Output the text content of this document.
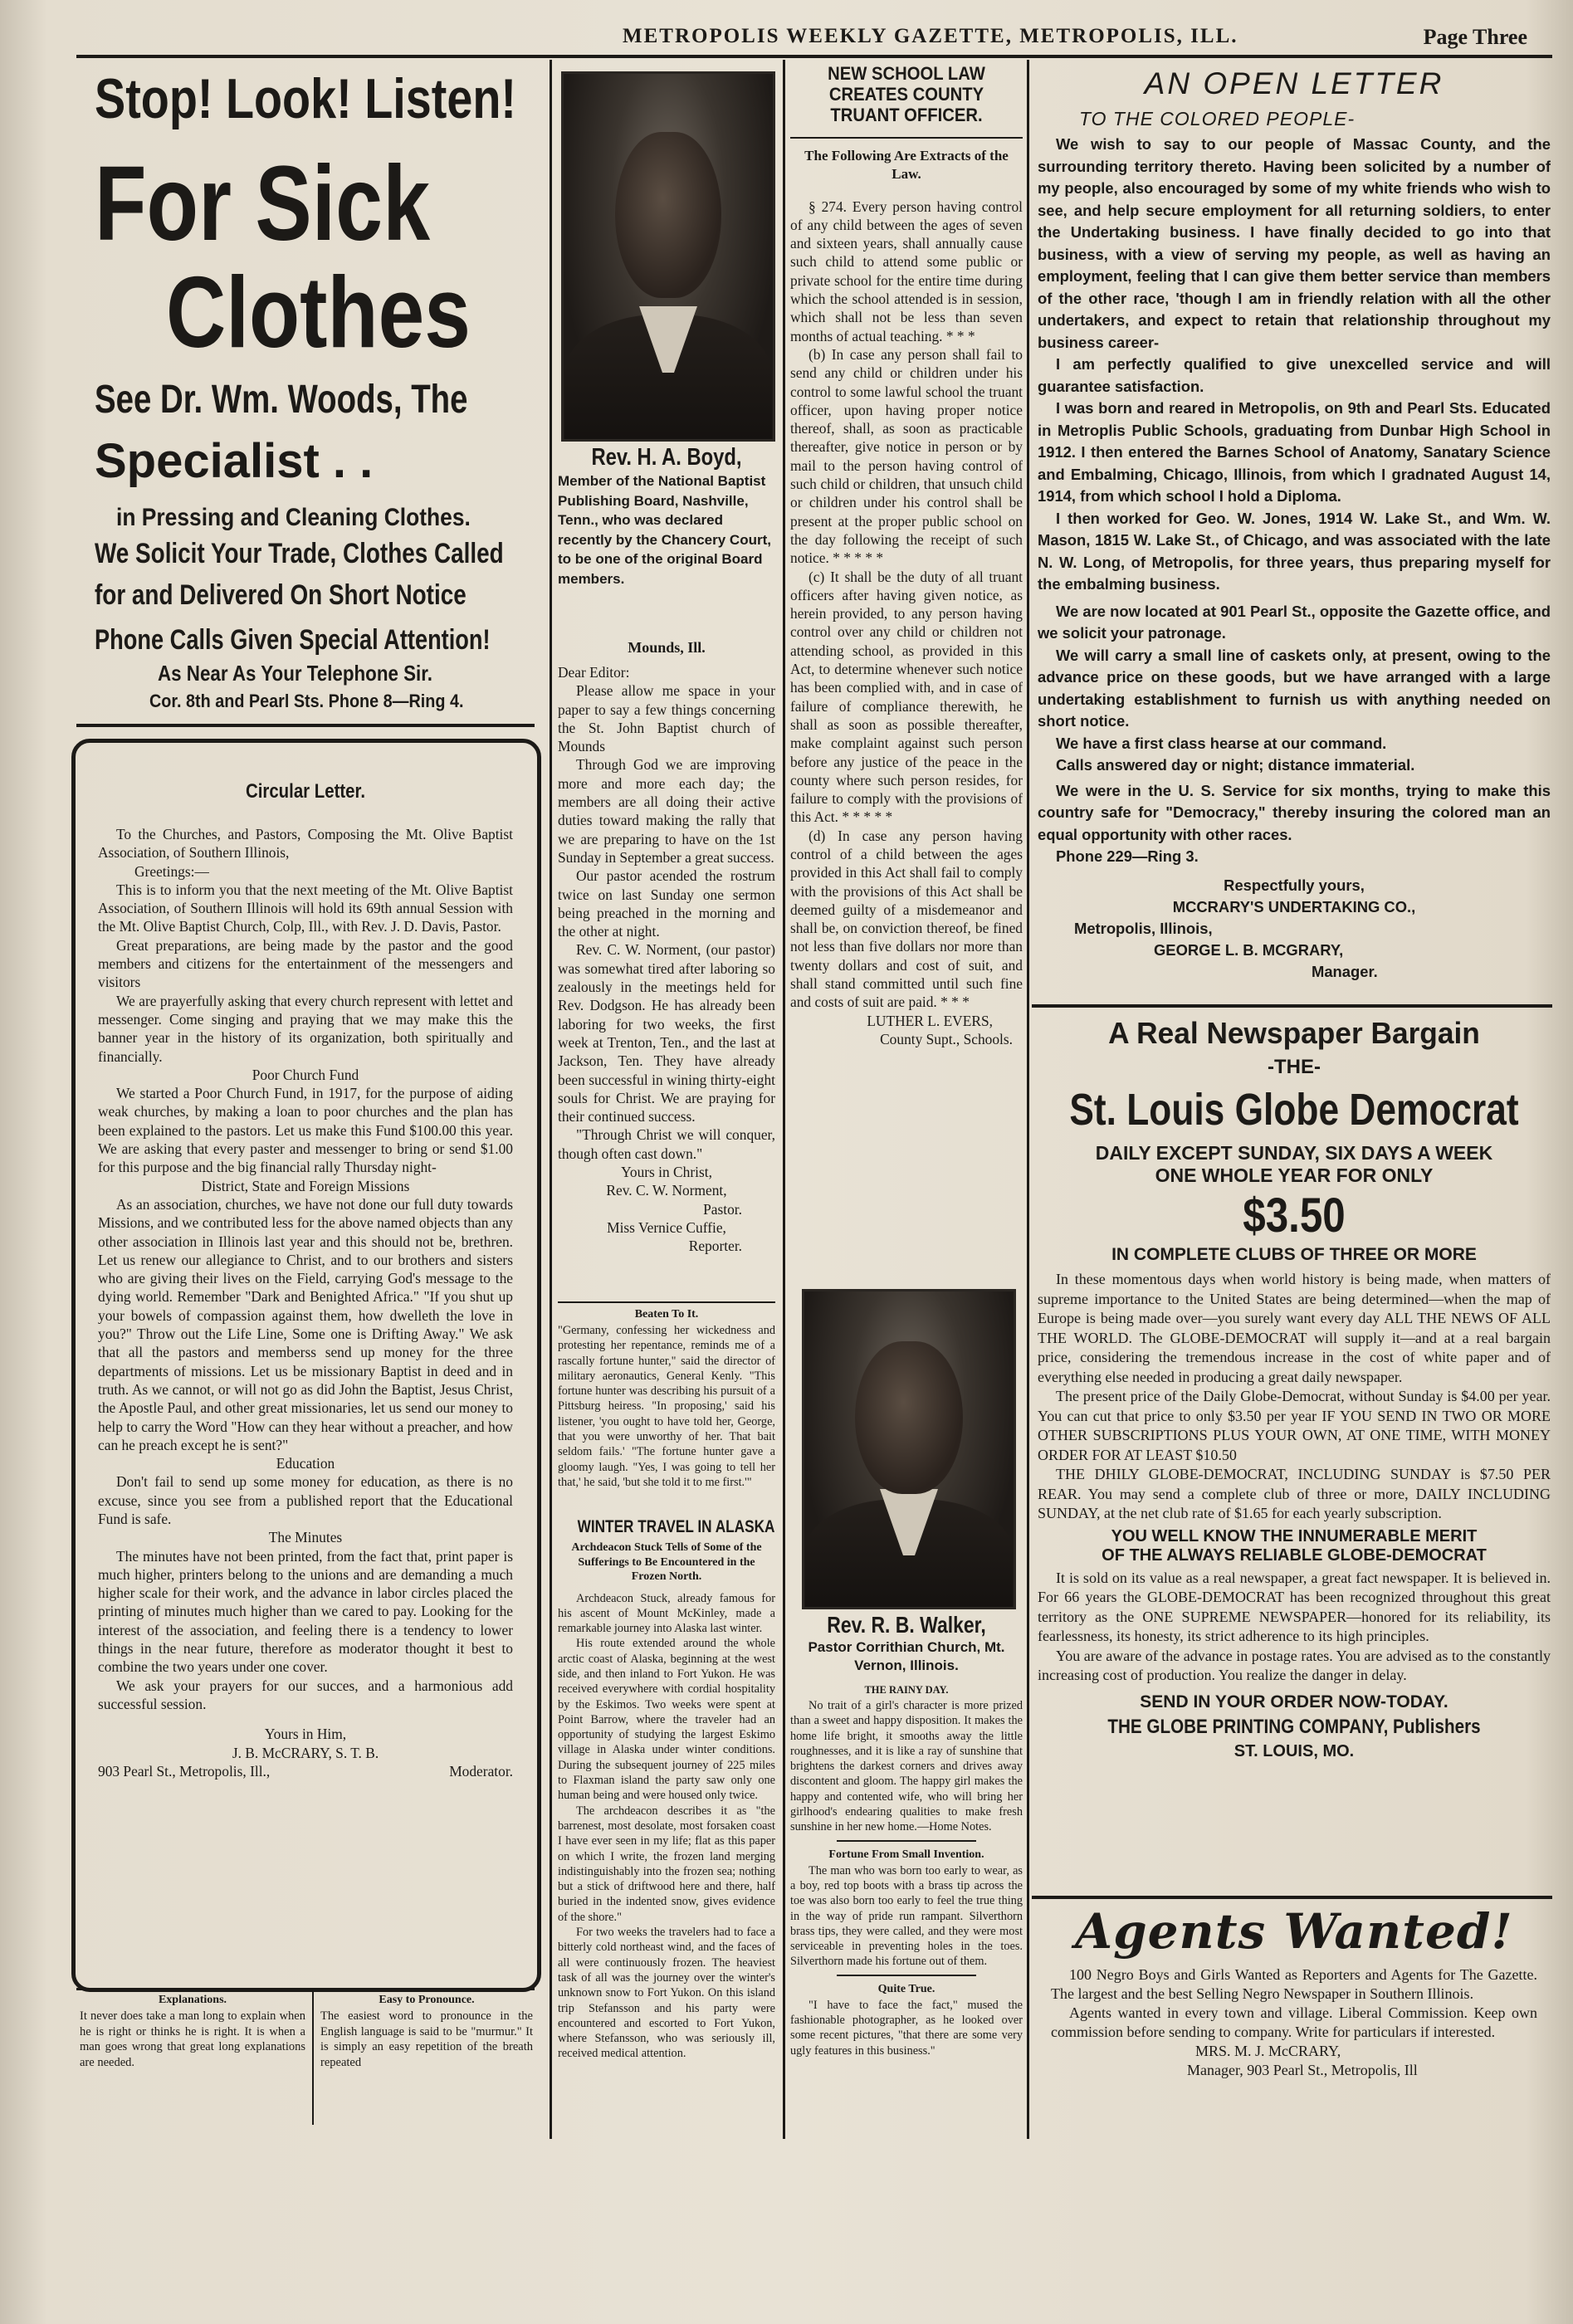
METROPOLIS WEEKLY GAZETTE, METROPOLIS, ILL.	Page Three
Stop! Look! Listen!
For Sick
Clothes
See Dr. Wm. Woods, The
Specialist . .
in Pressing and Cleaning Clothes.
We Solicit Your Trade, Clothes Called
for and Delivered On Short Notice
Phone Calls Given Special Attention!
As Near As Your Telephone Sir.
Cor. 8th and Pearl Sts. Phone 8—Ring 4.
Circular Letter.

To the Churches, and Pastors, Composing the Mt. Olive Baptist Association, of Southern Illinois,

Greetings:—

This is to inform you that the next meeting of the Mt. Olive Baptist Association, of Southern Illinois will hold its 69th annual Session with the Mt. Olive Baptist Church, Colp, Ill., with Rev. J. D. Davis, Pastor.

Great preparations, are being made by the pastor and the good members and citizens for the entertainment of the messengers and visitors

We are prayerfully asking that every church represent with lettet and messenger. Come singing and praying that we may make this the banner year in the history of its organization, both spiritually and financially.

Poor Church Fund

We started a Poor Church Fund, in 1917, for the purpose of aiding weak churches, by making a loan to poor churches and the plan has been explained to the pastors. Let us make this Fund $100.00 this year. We are asking that every paster and messenger to bring or send $1.00 for this purpose and the big financial rally Thursday night-

District, State and Foreign Missions

As an association, churches, we have not done our full duty towards Missions, and we contributed less for the above named objects than any other association in Illinois last year and this should not be, brethren. Let us renew our allegiance to Christ, and to our brothers and sisters who are giving their lives on the Field, carrying God's message to the dying world. Remember "Dark and Benighted Africa." "If you shut up your bowels of compassion against them, how dwelleth the love in you?" Throw out the Life Line, Some one is Drifting Away." We ask that all the pastors and memberss send up money for the three departments of missions. Let us be missionary Baptist in deed and in truth. As we cannot, or will not go as did John the Baptist, Jesus Christ, the Apostle Paul, and other great missionaries, let us send our money to help to carry the Word "How can they hear without a preacher, and how can he preach except he is sent?"

Education

Don't fail to send up some money for education, as there is no excuse, since you see from a published report that the Educational Fund is safe.

The Minutes

The minutes have not been printed, from the fact that, print paper is much higher, printers belong to the unions and are demanding a much higher scale for their work, and the advance in labor circles placed the printing of minutes much higher than we cared to pay. Looking for the interest of the association, and feeling there is a tendency to lower things in the near future, therefore as moderator thought it best to combine the two years under one cover.

We ask your prayers for our succes, and a harmonious add successful session.

Yours in Him,

J. B. McCRARY, S. T. B.

903 Pearl St., Metropolis, Ill.,	Moderator.
Explanations.

It never does take a man long to explain when he is right or thinks he is right. It is when a man goes wrong that great long explanations are needed.

Easy to Pronounce.

The easiest word to pronounce in the English language is said to be "murmur." It is simply an easy repetition of the breath repeated

Rev. H. A. Boyd,

Member of the National Baptist Publishing Board, Nashville, Tenn., who was declared recently by the Chancery Court, to be one of the original Board members.

Mounds, Ill.

Dear Editor:

Please allow me space in your paper to say a few things concerning the St. John Baptist church of Mounds

Through God we are improving more and more each day; the members are all doing their active duties toward making the rally that we are preparing to have on the 1st Sunday in September a great success.

Our pastor acended the rostrum twice on last Sunday one sermon being preached in the morning and the other at night.

Rev. C. W. Norment, (our pastor) was somewhat tired after laboring so zealously in the meetings held for Rev. Dodgson. He has already been laboring for two weeks, the first week at Trenton, Ten., and the last at Jackson, Ten. They have already been successful in wining thirty-eight souls for Christ. We are praying for their continued success.

"Through Christ we will conquer, though often cast down."

Yours in Christ,

Rev. C. W. Norment,

Pastor.

Miss Vernice Cuffie,

Reporter.

Beaten To It.

"Germany, confessing her wickedness and protesting her repentance, reminds me of a rascally fortune hunter," said the director of military aeronautics, General Kenly. "This fortune hunter was describing his pursuit of a Pittsburg heiress. "In proposing,' said his listener, 'you ought to have told her, George, that you were unworthy of her. That bait seldom fails.' "The fortune hunter gave a gloomy laugh. "Yes, I was going to tell her that,' he said, 'but she told it to me first.'"

WINTER TRAVEL IN ALASKA

Archdeacon Stuck Tells of Some of the Sufferings to Be Encountered in the Frozen North.

Archdeacon Stuck, already famous for his ascent of Mount McKinley, made a remarkable journey into Alaska last winter.

His route extended around the whole arctic coast of Alaska, beginning at the west side, and then inland to Fort Yukon. He was received everywhere with cordial hospitality by the Eskimos. Two weeks were spent at Point Barrow, where the traveler had an opportunity of studying the largest Eskimo village in Alaska under winter conditions. During the subsequent journey of 225 miles to Flaxman island the party saw only one human being and were housed only twice.

The archdeacon describes it as "the barrenest, most desolate, most forsaken coast I have ever seen in my life; flat as this paper on which I write, the frozen land merging indistinguishably into the frozen sea; nothing but a stick of driftwood here and there, half buried in the indented snow, gives evidence of the shore."

For two weeks the travelers had to face a bitterly cold northeast wind, and the faces of all were continuously frozen. The heaviest task of all was the journey over the winter's unknown snow to Fort Yukon. On this island trip Stefansson and his party were encountered and escorted to Fort Yukon, where Stefansson, who was seriously ill, received medical attention.

NEW SCHOOL LAW CREATES COUNTY TRUANT OFFICER.

The Following Are Extracts of the Law.

§ 274. Every person having control of any child between the ages of seven and sixteen years, shall annually cause such child to attend some public or private school for the entire time during which the school attended is in session, which shall not be less than seven months of actual teaching. * * *

(b) In case any person shall fail to send any child or children under his control to some lawful school the truant officer, upon having proper notice thereof, shall, as soon as practicable thereafter, give notice in person or by mail to the person having control of such child or children, that unsuch child or children under his control shall be present at the proper public school on the day following the receipt of such notice. * * * * *

(c) It shall be the duty of all truant officers after having given notice, as herein provided, to any person having control over any child or children not attending school, as provided in this Act, to determine whenever such notice has been complied with, and in case of failure of compliance therewith, he shall as soon as possible thereafter, make complaint against such person before any justice of the peace in the county where such person resides, for failure to comply with the provisions of this Act. * * * * *

(d) In case any person having control of a child between the ages provided in this Act shall fail to comply with the provisions of this Act shall be deemed guilty of a misdemeanor and shall be, on conviction thereof, be fined not less than five dollars nor more than twenty dollars and cost of suit, and shall stand committed until such fine and costs of suit are paid. * * *

LUTHER L. EVERS,

County Supt., Schools.

Rev. R. B. Walker,

Pastor Corrithian Church, Mt. Vernon, Illinois.

THE RAINY DAY.

No trait of a girl's character is more prized than a sweet and happy disposition. It makes the home life bright, it smooths away the little roughnesses, and it is like a ray of sunshine that brightens the darkest corners and drives away discontent and gloom. The happy girl makes the happy and contented wife, who will bring her girlhood's endearing qualities to make fresh sunshine in her new home.—Home Notes.

Fortune From Small Invention.

The man who was born too early to wear, as a boy, red top boots with a brass tip across the toe was also born too early to feel the true thing in the way of pride run rampant. Silverthorn brass tips, they were called, and they were most serviceable in preventing holes in the toes. Silverthorn made his fortune out of them.

Quite True.

"I have to face the fact," mused the fashionable photographer, as he looked over some recent pictures, "that there are some very ugly features in this business."

AN OPEN LETTER
TO THE COLORED PEOPLE-

We wish to say to our people of Massac County, and the surrounding territory thereto. Having been solicited by a number of my people, also encouraged by some of my white friends who wish to see, and help secure employment for all returning soldiers, to enter the Undertaking business. I have finally decided to go into that business, with a view of serving my people, as well as having an employment, feeling that I can give them better service than members of the other race, 'though I am in friendly relation with all the other undertakers, and expect to retain that relationship throughout my business career-

I am perfectly qualified to give unexcelled service and will guarantee satisfaction.

I was born and reared in Metropolis, on 9th and Pearl Sts. Educated in Metroplis Public Schools, graduating from Dunbar High School in 1912. I then entered the Barnes School of Anatomy, Sanatary Science and Embalming, Chicago, Illinois, from which I gradnated August 14, 1914, from which school I hold a Diploma.

I then worked for Geo. W. Jones, 1914 W. Lake St., and Wm. W. Mason, 1815 W. Lake St., of Chicago, and was associated with the late N. W. Long, of Metropolis, for three years, thus preparing myself for the embalming business.

We are now located at 901 Pearl St., opposite the Gazette office, and we solicit your patronage.

We will carry a small line of caskets only, at present, owing to the advance price on these goods, but we have arranged with a large undertaking establishment to furnish us with anything needed on short notice.

We have a first class hearse at our command.

Calls answered day or night; distance immaterial.

We were in the U. S. Service for six months, trying to make this country safe for "Democracy," thereby insuring the colored man an equal opportunity with other races.

Phone 229—Ring 3.

Respectfully yours,

MCCRARY'S UNDERTAKING CO.,

Metropolis, Illinois,

GEORGE L. B. MCGRARY,

Manager.

A Real Newspaper Bargain
-THE-
St. Louis Globe Democrat
DAILY EXCEPT SUNDAY, SIX DAYS A WEEK
ONE WHOLE YEAR FOR ONLY
$3.50
IN COMPLETE CLUBS OF THREE OR MORE

In these momentous days when world history is being made, when matters of supreme importance to the United States are being determined—when the map of Europe is being made over—you surely want every day ALL THE NEWS OF ALL THE WORLD. The GLOBE-DEMOCRAT will supply it—and at a real bargain price, considering the tremendous increase in the cost of white paper and of everything else needed in producing a great daily newspaper.

The present price of the Daily Globe-Democrat, without Sunday is $4.00 per year. You can cut that price to only $3.50 per year IF YOU SEND IN TWO OR MORE OTHER SUBSCRIPTIONS PLUS YOUR OWN, AT ONE TIME, WITH MONEY ORDER FOR AT LEAST $10.50

THE DHILY GLOBE-DEMOCRAT, INCLUDING SUNDAY is $7.50 PER REAR. You may send a complete club of three or more, DAILY INCLUDING SUNDAY, at the net club rate of $1.65 for each yearly subscription.

YOU WELL KNOW THE INNUMERABLE MERIT
OF THE ALWAYS RELIABLE GLOBE-DEMOCRAT

It is sold on its value as a real newspaper, a great fact newspaper. It is believed in. For 66 years the GLOBE-DEMOCRAT has been recognized throughout this great territory as the ONE SUPREME NEWSPAPER—honored for its reliability, its fearlessness, its honesty, its strict adherence to its high principles.

You are aware of the advance in postage rates. You are advised as to the constantly increasing cost of production. You realize the danger in delay.

SEND IN YOUR ORDER NOW-TODAY.
THE GLOBE PRINTING COMPANY, Publishers
ST. LOUIS, MO.
Agents Wanted!

100 Negro Boys and Girls Wanted as Reporters and Agents for The Gazette. The largest and the best Selling Negro Newspaper in Southern Illinois.

Agents wanted in every town and village. Liberal Commission. Keep own commission before sending to company. Write for particulars if interested.

MRS. M. J. McCRARY,

Manager, 903 Pearl St., Metropolis, Ill
